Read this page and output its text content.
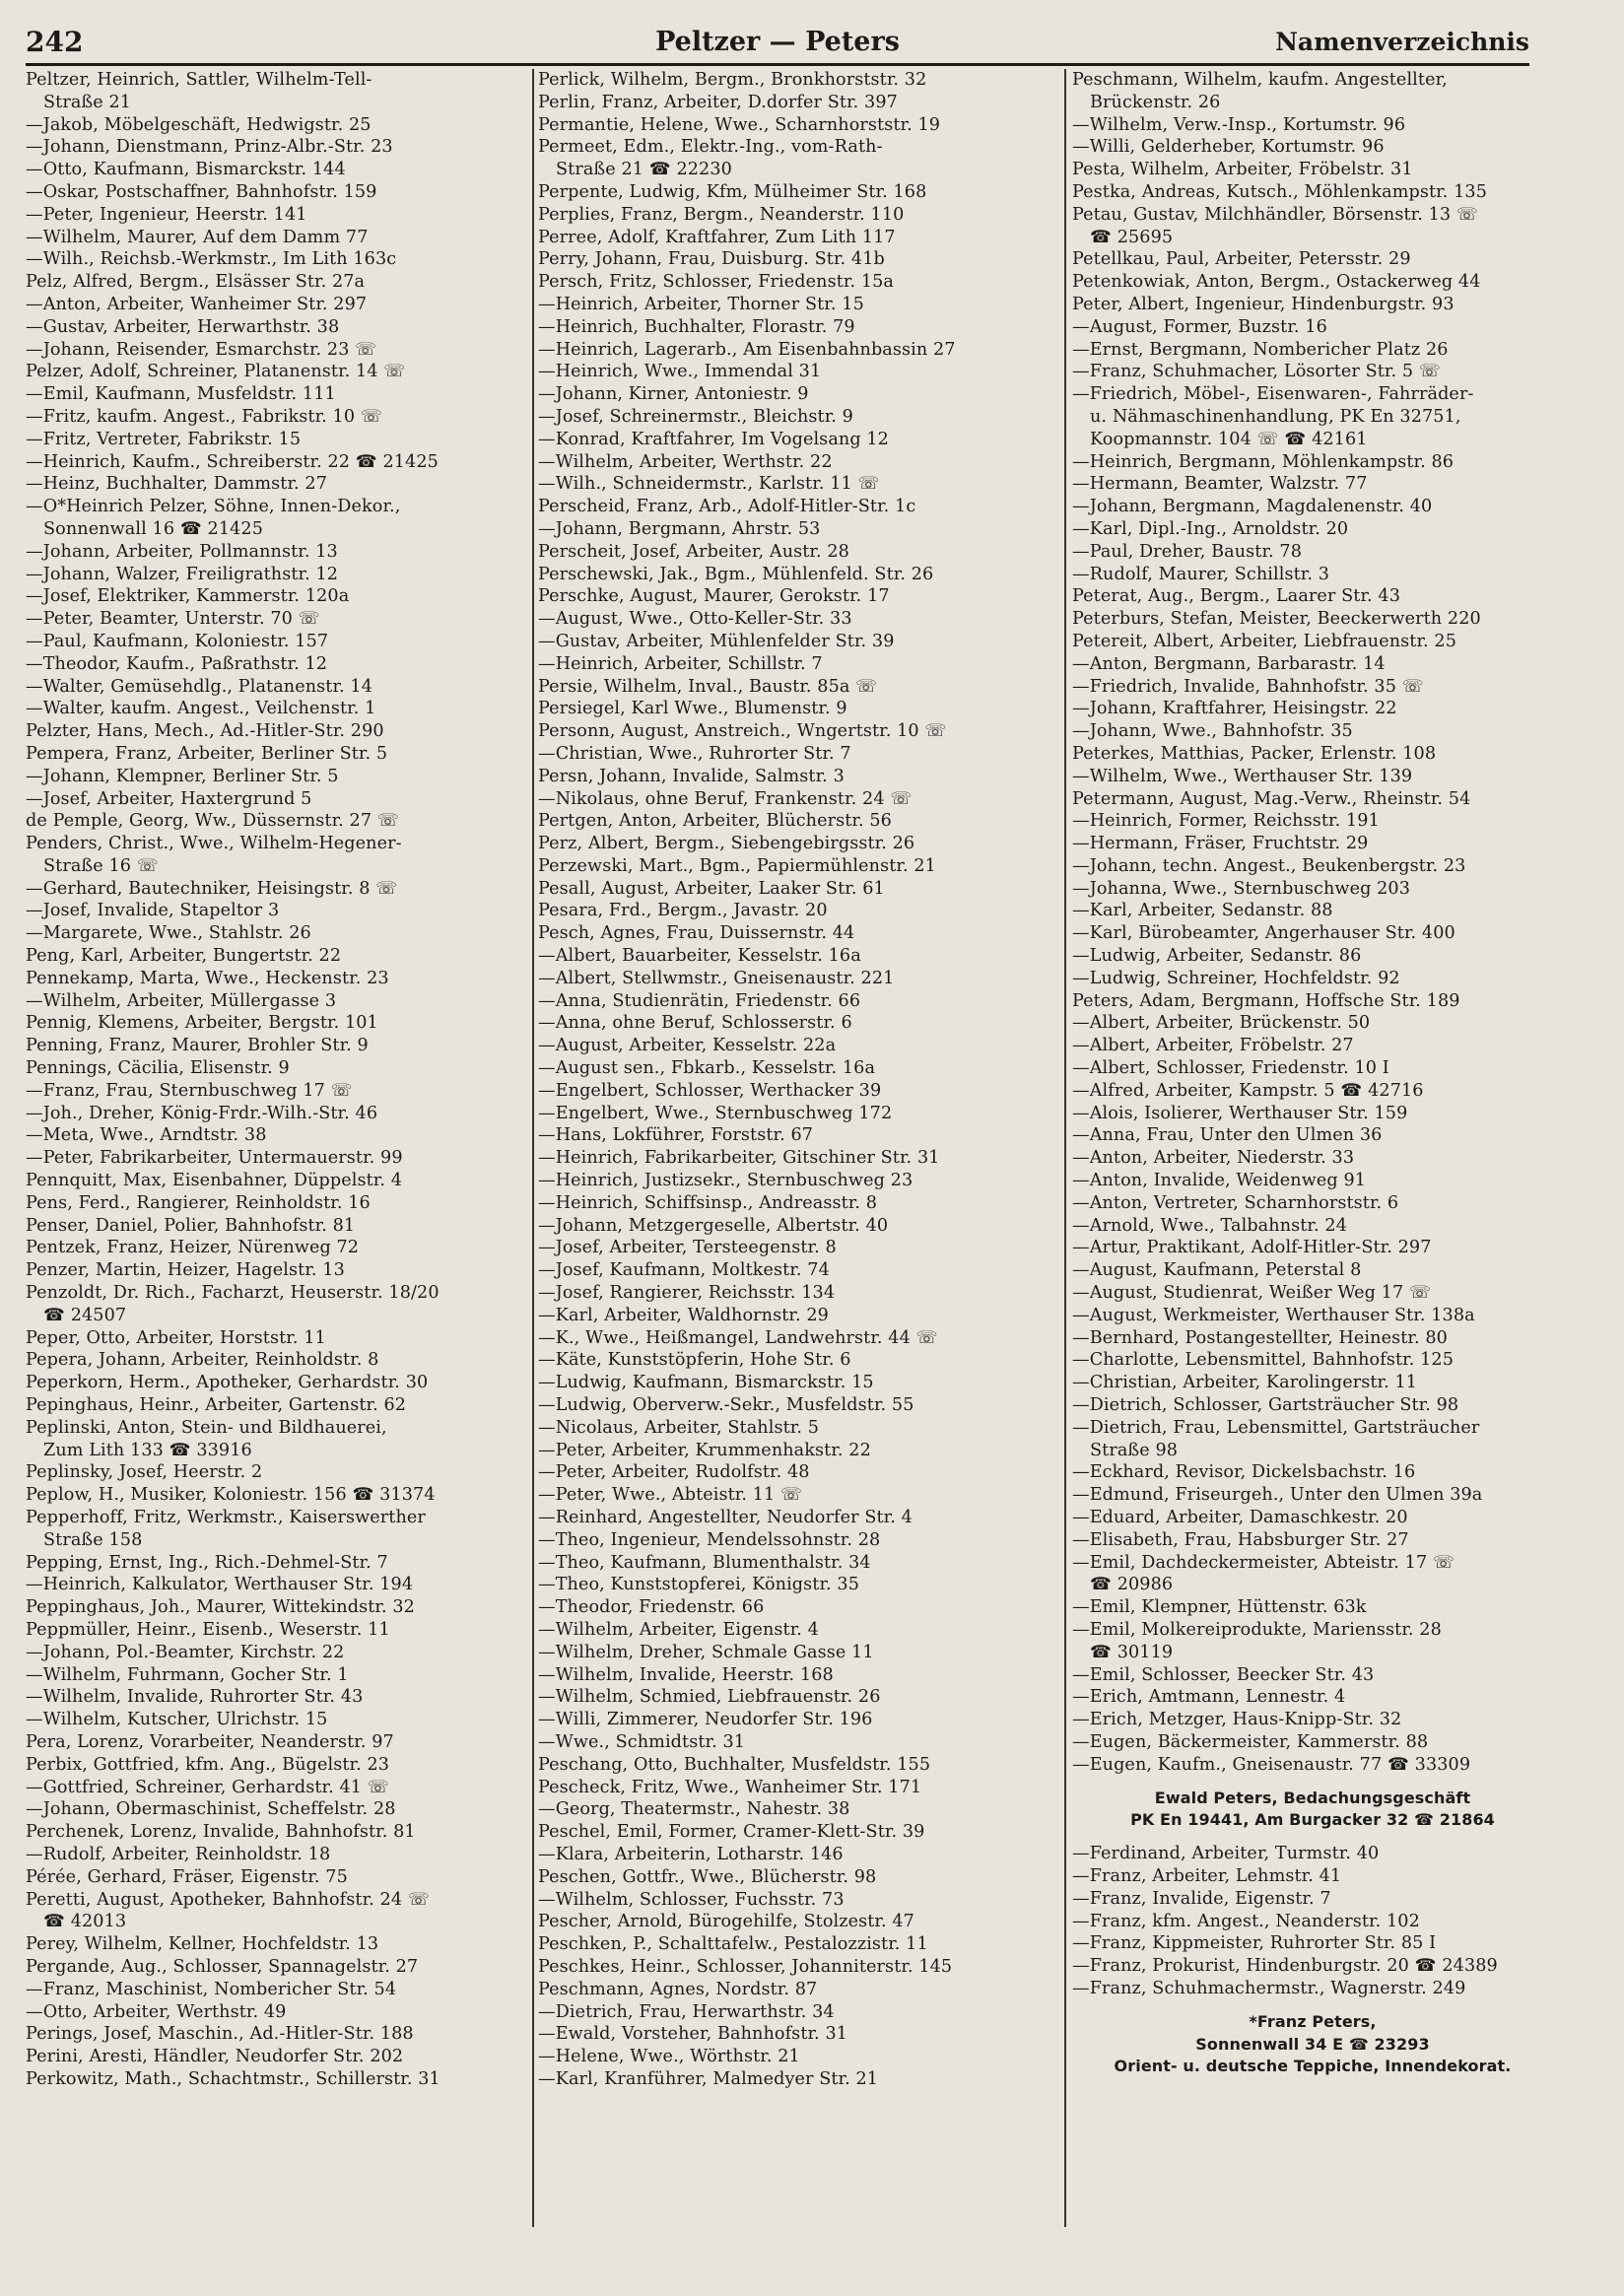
242	Peltzer — Peters	Namenverzeichnis
Peltzer, Heinrich, Sattler, Wilhelm-Tell-
Straße 21
—Jakob, Möbelgeschäft, Hedwigstr. 25
—Johann, Dienstmann, Prinz-Albr.-Str. 23
—Otto, Kaufmann, Bismarckstr. 144
—Oskar, Postschaffner, Bahnhofstr. 159
—Peter, Ingenieur, Heerstr. 141
—Wilhelm, Maurer, Auf dem Damm 77
—Wilh., Reichsb.-Werkmstr., Im Lith 163c
Pelz, Alfred, Bergm., Elsässer Str. 27a
—Anton, Arbeiter, Wanheimer Str. 297
—Gustav, Arbeiter, Herwarthstr. 38
—Johann, Reisender, Esmarchstr. 23 ☏
Pelzer, Adolf, Schreiner, Platanenstr. 14 ☏
—Emil, Kaufmann, Musfeldstr. 111
—Fritz, kaufm. Angest., Fabrikstr. 10 ☏
—Fritz, Vertreter, Fabrikstr. 15
—Heinrich, Kaufm., Schreiberstr. 22 ☎ 21425
—Heinz, Buchhalter, Dammstr. 27
—O*Heinrich Pelzer, Söhne, Innen-Dekor.,
Sonnenwall 16 ☎ 21425
—Johann, Arbeiter, Pollmannstr. 13
—Johann, Walzer, Freiligrathstr. 12
—Josef, Elektriker, Kammerstr. 120a
—Peter, Beamter, Unterstr. 70 ☏
—Paul, Kaufmann, Koloniestr. 157
—Theodor, Kaufm., Paßrathstr. 12
—Walter, Gemüsehdlg., Platanenstr. 14
—Walter, kaufm. Angest., Veilchenstr. 1
Pelzter, Hans, Mech., Ad.-Hitler-Str. 290
Pempera, Franz, Arbeiter, Berliner Str. 5
—Johann, Klempner, Berliner Str. 5
—Josef, Arbeiter, Haxtergrund 5
de Pemple, Georg, Ww., Düssernstr. 27 ☏
Penders, Christ., Wwe., Wilhelm-Hegener-
Straße 16 ☏
—Gerhard, Bautechniker, Heisingstr. 8 ☏
—Josef, Invalide, Stapeltor 3
—Margarete, Wwe., Stahlstr. 26
Peng, Karl, Arbeiter, Bungertstr. 22
Pennekamp, Marta, Wwe., Heckenstr. 23
—Wilhelm, Arbeiter, Müllergasse 3
Pennig, Klemens, Arbeiter, Bergstr. 101
Penning, Franz, Maurer, Brohler Str. 9
Pennings, Cäcilia, Elisenstr. 9
—Franz, Frau, Sternbuschweg 17 ☏
—Joh., Dreher, König-Frdr.-Wilh.-Str. 46
—Meta, Wwe., Arndtstr. 38
—Peter, Fabrikarbeiter, Untermauerstr. 99
Pennquitt, Max, Eisenbahner, Düppelstr. 4
Pens, Ferd., Rangierer, Reinholdstr. 16
Penser, Daniel, Polier, Bahnhofstr. 81
Pentzek, Franz, Heizer, Nürenweg 72
Penzer, Martin, Heizer, Hagelstr. 13
Penzoldt, Dr. Rich., Facharzt, Heuserstr. 18/20
☎ 24507
Peper, Otto, Arbeiter, Horststr. 11
Pepera, Johann, Arbeiter, Reinholdstr. 8
Peperkorn, Herm., Apotheker, Gerhardstr. 30
Pepinghaus, Heinr., Arbeiter, Gartenstr. 62
Peplinski, Anton, Stein- und Bildhauerei,
Zum Lith 133 ☎ 33916
Peplinsky, Josef, Heerstr. 2
Peplow, H., Musiker, Koloniestr. 156 ☎ 31374
Pepperhoff, Fritz, Werkmstr., Kaiserswerther
Straße 158
Pepping, Ernst, Ing., Rich.-Dehmel-Str. 7
—Heinrich, Kalkulator, Werthauser Str. 194
Peppinghaus, Joh., Maurer, Wittekindstr. 32
Peppmüller, Heinr., Eisenb., Weserstr. 11
—Johann, Pol.-Beamter, Kirchstr. 22
—Wilhelm, Fuhrmann, Gocher Str. 1
—Wilhelm, Invalide, Ruhrorter Str. 43
—Wilhelm, Kutscher, Ulrichstr. 15
Pera, Lorenz, Vorarbeiter, Neanderstr. 97
Perbix, Gottfried, kfm. Ang., Bügelstr. 23
—Gottfried, Schreiner, Gerhardstr. 41 ☏
—Johann, Obermaschinist, Scheffelstr. 28
Perchenek, Lorenz, Invalide, Bahnhofstr. 81
—Rudolf, Arbeiter, Reinholdstr. 18
Pérée, Gerhard, Fräser, Eigenstr. 75
Peretti, August, Apotheker, Bahnhofstr. 24 ☏
☎ 42013
Perey, Wilhelm, Kellner, Hochfeldstr. 13
Pergande, Aug., Schlosser, Spannagelstr. 27
—Franz, Maschinist, Nombericher Str. 54
—Otto, Arbeiter, Werthstr. 49
Perings, Josef, Maschin., Ad.-Hitler-Str. 188
Perini, Aresti, Händler, Neudorfer Str. 202
Perkowitz, Math., Schachtmstr., Schillerstr. 31
Perlick, Wilhelm, Bergm., Bronkhorststr. 32
Perlin, Franz, Arbeiter, D.dorfer Str. 397
Permantie, Helene, Wwe., Scharnhorststr. 19
Permeet, Edm., Elektr.-Ing., vom-Rath-
Straße 21 ☎ 22230
Perpente, Ludwig, Kfm, Mülheimer Str. 168
Perplies, Franz, Bergm., Neanderstr. 110
Perree, Adolf, Kraftfahrer, Zum Lith 117
Perry, Johann, Frau, Duisburg. Str. 41b
Persch, Fritz, Schlosser, Friedenstr. 15a
—Heinrich, Arbeiter, Thorner Str. 15
—Heinrich, Buchhalter, Florastr. 79
—Heinrich, Lagerarb., Am Eisenbahnbassin 27
—Heinrich, Wwe., Immendal 31
—Johann, Kirner, Antoniestr. 9
—Josef, Schreinermstr., Bleichstr. 9
—Konrad, Kraftfahrer, Im Vogelsang 12
—Wilhelm, Arbeiter, Werthstr. 22
—Wilh., Schneidermstr., Karlstr. 11 ☏
Perscheid, Franz, Arb., Adolf-Hitler-Str. 1c
—Johann, Bergmann, Ahrstr. 53
Perscheit, Josef, Arbeiter, Austr. 28
Perschewski, Jak., Bgm., Mühlenfeld. Str. 26
Perschke, August, Maurer, Gerokstr. 17
—August, Wwe., Otto-Keller-Str. 33
—Gustav, Arbeiter, Mühlenfelder Str. 39
—Heinrich, Arbeiter, Schillstr. 7
Persie, Wilhelm, Inval., Baustr. 85a ☏
Persiegel, Karl Wwe., Blumenstr. 9
Personn, August, Anstreich., Wngertstr. 10 ☏
—Christian, Wwe., Ruhrorter Str. 7
Persn, Johann, Invalide, Salmstr. 3
—Nikolaus, ohne Beruf, Frankenstr. 24 ☏
Pertgen, Anton, Arbeiter, Blücherstr. 56
Perz, Albert, Bergm., Siebengebirgsstr. 26
Perzewski, Mart., Bgm., Papiermühlenstr. 21
Pesall, August, Arbeiter, Laaker Str. 61
Pesara, Frd., Bergm., Javastr. 20
Pesch, Agnes, Frau, Duissernstr. 44
—Albert, Bauarbeiter, Kesselstr. 16a
—Albert, Stellwmstr., Gneisenaustr. 221
—Anna, Studienrätin, Friedenstr. 66
—Anna, ohne Beruf, Schlosserstr. 6
—August, Arbeiter, Kesselstr. 22a
—August sen., Fbkarb., Kesselstr. 16a
—Engelbert, Schlosser, Werthacker 39
—Engelbert, Wwe., Sternbuschweg 172
—Hans, Lokführer, Forststr. 67
—Heinrich, Fabrikarbeiter, Gitschiner Str. 31
—Heinrich, Justizsekr., Sternbuschweg 23
—Heinrich, Schiffsinsp., Andreasstr. 8
—Johann, Metzgergeselle, Albertstr. 40
—Josef, Arbeiter, Tersteegenstr. 8
—Josef, Kaufmann, Moltkestr. 74
—Josef, Rangierer, Reichsstr. 134
—Karl, Arbeiter, Waldhornstr. 29
—K., Wwe., Heißmangel, Landwehrstr. 44 ☏
—Käte, Kunststöpferin, Hohe Str. 6
—Ludwig, Kaufmann, Bismarckstr. 15
—Ludwig, Oberverw.-Sekr., Musfeldstr. 55
—Nicolaus, Arbeiter, Stahlstr. 5
—Peter, Arbeiter, Krummenhakstr. 22
—Peter, Arbeiter, Rudolfstr. 48
—Peter, Wwe., Abteistr. 11 ☏
—Reinhard, Angestellter, Neudorfer Str. 4
—Theo, Ingenieur, Mendelssohnstr. 28
—Theo, Kaufmann, Blumenthalstr. 34
—Theo, Kunststopferei, Königstr. 35
—Theodor, Friedenstr. 66
—Wilhelm, Arbeiter, Eigenstr. 4
—Wilhelm, Dreher, Schmale Gasse 11
—Wilhelm, Invalide, Heerstr. 168
—Wilhelm, Schmied, Liebfrauenstr. 26
—Willi, Zimmerer, Neudorfer Str. 196
—Wwe., Schmidtstr. 31
Peschang, Otto, Buchhalter, Musfeldstr. 155
Pescheck, Fritz, Wwe., Wanheimer Str. 171
—Georg, Theatermstr., Nahestr. 38
Peschel, Emil, Former, Cramer-Klett-Str. 39
—Klara, Arbeiterin, Lotharstr. 146
Peschen, Gottfr., Wwe., Blücherstr. 98
—Wilhelm, Schlosser, Fuchsstr. 73
Pescher, Arnold, Bürogehilfe, Stolzestr. 47
Peschken, P., Schalttafelw., Pestalozzistr. 11
Peschkes, Heinr., Schlosser, Johanniterstr. 145
Peschmann, Agnes, Nordstr. 87
—Dietrich, Frau, Herwarthstr. 34
—Ewald, Vorsteher, Bahnhofstr. 31
—Helene, Wwe., Wörthstr. 21
—Karl, Kranführer, Malmedyer Str. 21
Peschmann, Wilhelm, kaufm. Angestellter,
Brückenstr. 26
—Wilhelm, Verw.-Insp., Kortumstr. 96
—Willi, Gelderheber, Kortumstr. 96
Pesta, Wilhelm, Arbeiter, Fröbelstr. 31
Pestka, Andreas, Kutsch., Möhlenkampstr. 135
Petau, Gustav, Milchhändler, Börsenstr. 13 ☏
☎ 25695
Petellkau, Paul, Arbeiter, Petersstr. 29
Petenkowiak, Anton, Bergm., Ostackerweg 44
Peter, Albert, Ingenieur, Hindenburgstr. 93
—August, Former, Buzstr. 16
—Ernst, Bergmann, Nombericher Platz 26
—Franz, Schuhmacher, Lösorter Str. 5 ☏
—Friedrich, Möbel-, Eisenwaren-, Fahrräder-
u. Nähmaschinenhandlung, PK En 32751,
Koopmannstr. 104 ☏ ☎ 42161
—Heinrich, Bergmann, Möhlenkampstr. 86
—Hermann, Beamter, Walzstr. 77
—Johann, Bergmann, Magdalenenstr. 40
—Karl, Dipl.-Ing., Arnoldstr. 20
—Paul, Dreher, Baustr. 78
—Rudolf, Maurer, Schillstr. 3
Peterat, Aug., Bergm., Laarer Str. 43
Peterburs, Stefan, Meister, Beeckerwerth 220
Petereit, Albert, Arbeiter, Liebfrauenstr. 25
—Anton, Bergmann, Barbarastr. 14
—Friedrich, Invalide, Bahnhofstr. 35 ☏
—Johann, Kraftfahrer, Heisingstr. 22
—Johann, Wwe., Bahnhofstr. 35
Peterkes, Matthias, Packer, Erlenstr. 108
—Wilhelm, Wwe., Werthauser Str. 139
Petermann, August, Mag.-Verw., Rheinstr. 54
—Heinrich, Former, Reichsstr. 191
—Hermann, Fräser, Fruchtstr. 29
—Johann, techn. Angest., Beukenbergstr. 23
—Johanna, Wwe., Sternbuschweg 203
—Karl, Arbeiter, Sedanstr. 88
—Karl, Bürobeamter, Angerhauser Str. 400
—Ludwig, Arbeiter, Sedanstr. 86
—Ludwig, Schreiner, Hochfeldstr. 92
Peters, Adam, Bergmann, Hoffsche Str. 189
—Albert, Arbeiter, Brückenstr. 50
—Albert, Arbeiter, Fröbelstr. 27
—Albert, Schlosser, Friedenstr. 10 I
—Alfred, Arbeiter, Kampstr. 5 ☎ 42716
—Alois, Isolierer, Werthauser Str. 159
—Anna, Frau, Unter den Ulmen 36
—Anton, Arbeiter, Niederstr. 33
—Anton, Invalide, Weidenweg 91
—Anton, Vertreter, Scharnhorststr. 6
—Arnold, Wwe., Talbahnstr. 24
—Artur, Praktikant, Adolf-Hitler-Str. 297
—August, Kaufmann, Peterstal 8
—August, Studienrat, Weißer Weg 17 ☏
—August, Werkmeister, Werthauser Str. 138a
—Bernhard, Postangestellter, Heinestr. 80
—Charlotte, Lebensmittel, Bahnhofstr. 125
—Christian, Arbeiter, Karolingerstr. 11
—Dietrich, Schlosser, Gartsträucher Str. 98
—Dietrich, Frau, Lebensmittel, Gartsträucher
Straße 98
—Eckhard, Revisor, Dickelsbachstr. 16
—Edmund, Friseurgeh., Unter den Ulmen 39a
—Eduard, Arbeiter, Damaschkestr. 20
—Elisabeth, Frau, Habsburger Str. 27
—Emil, Dachdeckermeister, Abteistr. 17 ☏
☎ 20986
—Emil, Klempner, Hüttenstr. 63k
—Emil, Molkereiprodukte, Mariensstr. 28
☎ 30119
—Emil, Schlosser, Beecker Str. 43
—Erich, Amtmann, Lennestr. 4
—Erich, Metzger, Haus-Knipp-Str. 32
—Eugen, Bäckermeister, Kammerstr. 88
—Eugen, Kaufm., Gneisenaustr. 77 ☎ 33309
Ewald Peters, Bedachungsgeschäft
PK En 19441, Am Burgacker 32 ☎ 21864
—Ferdinand, Arbeiter, Turmstr. 40
—Franz, Arbeiter, Lehmstr. 41
—Franz, Invalide, Eigenstr. 7
—Franz, kfm. Angest., Neanderstr. 102
—Franz, Kippmeister, Ruhrorter Str. 85 I
—Franz, Prokurist, Hindenburgstr. 20 ☎ 24389
—Franz, Schuhmachermstr., Wagnerstr. 249
*Franz Peters,
Sonnenwall 34 E ☎ 23293
Orient- u. deutsche Teppiche, Innendekorat.
